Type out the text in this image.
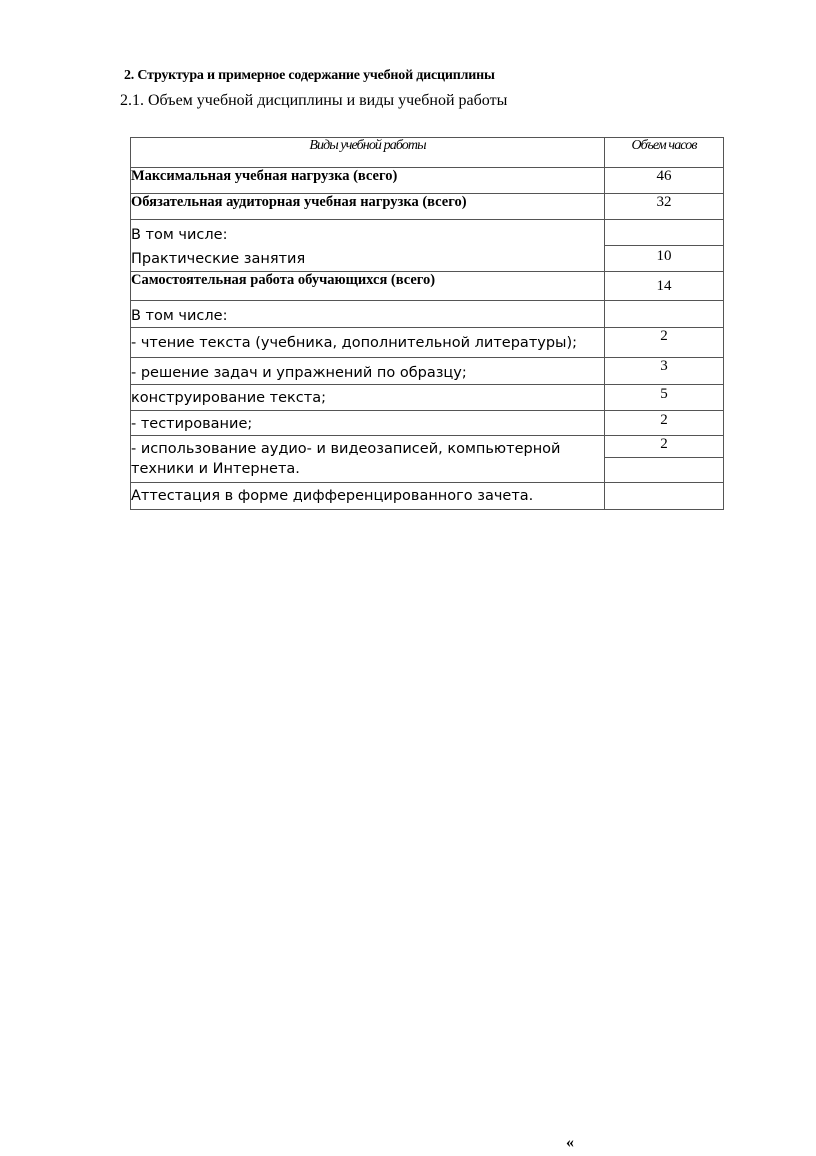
2. Структура и примерное содержание учебной дисциплины
2.1. Объем учебной дисциплины и виды учебной работы
Виды учебной работы	Объем часов
Максимальная учебная нагрузка (всего)	46
Обязательная аудиторная учебная нагрузка (всего)	32
В том числе:	
Практические занятия	10
Самостоятельная работа обучающихся (всего)	14
В том числе:	
- чтение текста (учебника, дополнительной литературы);	2
- решение задач и упражнений по образцу;	3
конструирование текста;	5
- тестирование;	2

- использование аудио- и видеозаписей, компьютерной	2
техники и Интернета.	
Аттестация в форме дифференцированного зачета.	
«
